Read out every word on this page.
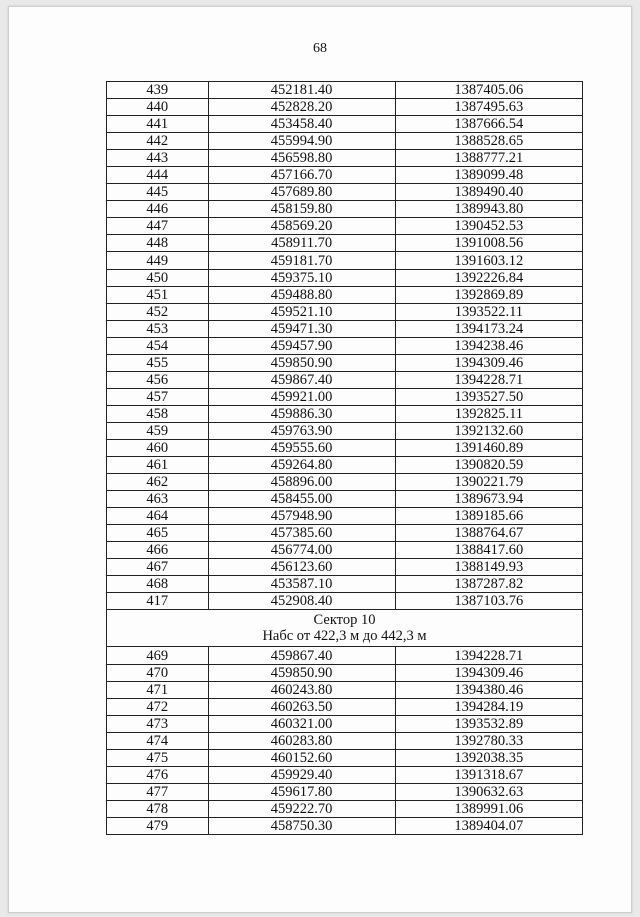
68
439	452181.40	1387405.06
440	452828.20	1387495.63
441	453458.40	1387666.54
442	455994.90	1388528.65
443	456598.80	1388777.21
444	457166.70	1389099.48
445	457689.80	1389490.40
446	458159.80	1389943.80
447	458569.20	1390452.53
448	458911.70	1391008.56
449	459181.70	1391603.12
450	459375.10	1392226.84
451	459488.80	1392869.89
452	459521.10	1393522.11
453	459471.30	1394173.24
454	459457.90	1394238.46
455	459850.90	1394309.46
456	459867.40	1394228.71
457	459921.00	1393527.50
458	459886.30	1392825.11
459	459763.90	1392132.60
460	459555.60	1391460.89
461	459264.80	1390820.59
462	458896.00	1390221.79
463	458455.00	1389673.94
464	457948.90	1389185.66
465	457385.60	1388764.67
466	456774.00	1388417.60
467	456123.60	1388149.93
468	453587.10	1387287.82
417	452908.40	1387103.76

Сектор 10
Набс от 422,3 м до 442,3 м		

469	459867.40	1394228.71
470	459850.90	1394309.46
471	460243.80	1394380.46
472	460263.50	1394284.19
473	460321.00	1393532.89
474	460283.80	1392780.33
475	460152.60	1392038.35
476	459929.40	1391318.67
477	459617.80	1390632.63
478	459222.70	1389991.06
479	458750.30	1389404.07
